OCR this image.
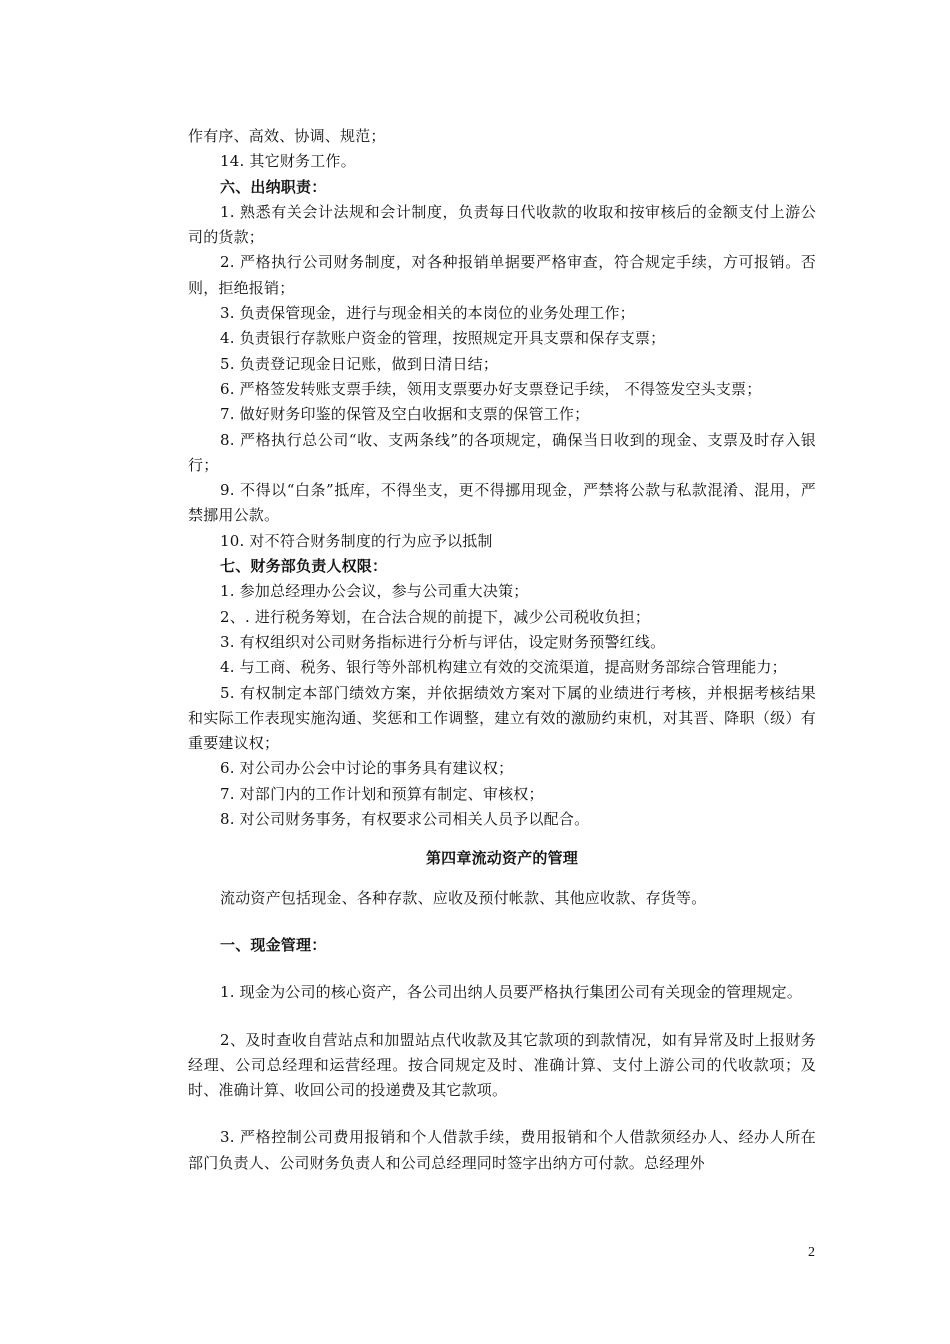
作有序、高效、协调、规范；

14. 其它财务工作。

六、出纳职责：

1. 熟悉有关会计法规和会计制度，负责每日代收款的收取和按审核后的金额支付上游公司的货款；

2. 严格执行公司财务制度，对各种报销单据要严格审查，符合规定手续，方可报销。否则，拒绝报销；

3. 负责保管现金，进行与现金相关的本岗位的业务处理工作；

4. 负责银行存款账户资金的管理，按照规定开具支票和保存支票；

5. 负责登记现金日记账，做到日清日结；

6. 严格签发转账支票手续，领用支票要办好支票登记手续， 不得签发空头支票；

7. 做好财务印鉴的保管及空白收据和支票的保管工作；

8. 严格执行总公司“收、支两条线”的各项规定，确保当日收到的现金、支票及时存入银行；

9. 不得以“白条”抵库，不得坐支，更不得挪用现金，严禁将公款与私款混淆、混用，严禁挪用公款。

10. 对不符合财务制度的行为应予以抵制

七、财务部负责人权限：

1. 参加总经理办公会议，参与公司重大决策；

2、. 进行税务筹划，在合法合规的前提下，减少公司税收负担；

3. 有权组织对公司财务指标进行分析与评估，设定财务预警红线。

4. 与工商、税务、银行等外部机构建立有效的交流渠道，提高财务部综合管理能力；

5. 有权制定本部门绩效方案，并依据绩效方案对下属的业绩进行考核，并根据考核结果和实际工作表现实施沟通、奖惩和工作调整，建立有效的激励约束机，对其晋、降职（级）有重要建议权；

6. 对公司办公会中讨论的事务具有建议权；

7. 对部门内的工作计划和预算有制定、审核权；

8. 对公司财务事务，有权要求公司相关人员予以配合。

第四章流动资产的管理

流动资产包括现金、各种存款、应收及预付帐款、其他应收款、存货等。

一、现金管理：

1. 现金为公司的核心资产，各公司出纳人员要严格执行集团公司有关现金的管理规定。

2、及时查收自营站点和加盟站点代收款及其它款项的到款情况，如有异常及时上报财务经理、公司总经理和运营经理。按合同规定及时、准确计算、支付上游公司的代收款项；及时、准确计算、收回公司的投递费及其它款项。

3. 严格控制公司费用报销和个人借款手续，费用报销和个人借款须经办人、经办人所在部门负责人、公司财务负责人和公司总经理同时签字出纳方可付款。总经理外

2
